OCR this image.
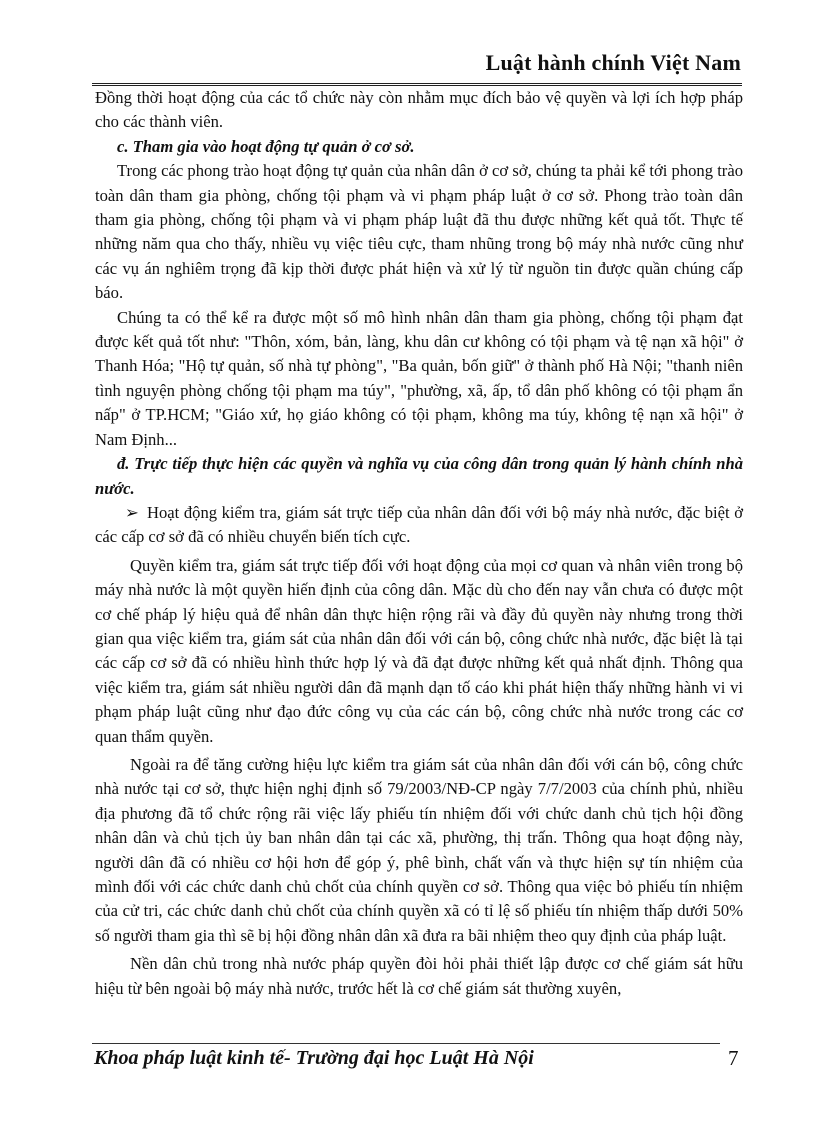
Luật hành chính Việt Nam

Đồng thời hoạt động của các tổ chức này còn nhằm mục đích bảo vệ quyền và lợi ích hợp pháp cho các thành viên.

c. Tham gia vào hoạt động tự quản ở cơ sở.

Trong các phong trào hoạt động tự quản của nhân dân ở cơ sở, chúng ta phải kể tới phong trào toàn dân tham gia phòng, chống tội phạm và vi phạm pháp luật ở cơ sở. Phong trào toàn dân tham gia phòng, chống tội phạm và vi phạm pháp luật đã thu được những kết quả tốt. Thực tế những năm qua cho thấy, nhiều vụ việc tiêu cực, tham nhũng trong bộ máy nhà nước cũng như các vụ án nghiêm trọng đã kịp thời được phát hiện và xử lý từ nguồn tin được quần chúng cấp báo.

Chúng ta có thể kể ra được một số mô hình nhân dân tham gia phòng, chống tội phạm đạt được kết quả tốt như: "Thôn, xóm, bản, làng, khu dân cư không có tội phạm và tệ nạn xã hội" ở Thanh Hóa; "Hộ tự quản, số nhà tự phòng", "Ba quản, bốn giữ" ở thành phố Hà Nội; "thanh niên tình nguyện phòng chống tội phạm ma túy", "phường, xã, ấp, tổ dân phố không có tội phạm ẩn nấp" ở TP.HCM; "Giáo xứ, họ giáo không có tội phạm, không ma túy, không tệ nạn xã hội" ở Nam Định...

đ. Trực tiếp thực hiện các quyền và nghĩa vụ của công dân trong quản lý hành chính nhà nước.

➢ Hoạt động kiểm tra, giám sát trực tiếp của nhân dân đối với bộ máy nhà nước, đặc biệt ở các cấp cơ sở đã có nhiều chuyển biến tích cực.

Quyền kiểm tra, giám sát trực tiếp đối với hoạt động của mọi cơ quan và nhân viên trong bộ máy nhà nước là một quyền hiến định của công dân. Mặc dù cho đến nay vẫn chưa có được một cơ chế pháp lý hiệu quả để nhân dân thực hiện rộng rãi và đầy đủ quyền này nhưng trong thời gian qua việc kiểm tra, giám sát của nhân dân đối với cán bộ, công chức nhà nước, đặc biệt là tại các cấp cơ sở đã có nhiều hình thức hợp lý và đã đạt được những kết quả nhất định. Thông qua việc kiểm tra, giám sát nhiều người dân đã mạnh dạn tố cáo khi phát hiện thấy những hành vi vi phạm pháp luật cũng như đạo đức công vụ của các cán bộ, công chức nhà nước trong các cơ quan thẩm quyền.

Ngoài ra để tăng cường hiệu lực kiểm tra giám sát của nhân dân đối với cán bộ, công chức nhà nước tại cơ sở, thực hiện nghị định số 79/2003/NĐ-CP ngày 7/7/2003 của chính phủ, nhiều địa phương đã tổ chức rộng rãi việc lấy phiếu tín nhiệm đối với chức danh chủ tịch hội đồng nhân dân và chủ tịch ủy ban nhân dân tại các xã, phường, thị trấn. Thông qua hoạt động này, người dân đã có nhiều cơ hội hơn để góp ý, phê bình, chất vấn và thực hiện sự tín nhiệm của mình đối với các chức danh chủ chốt của chính quyền cơ sở. Thông qua việc bỏ phiếu tín nhiệm của cử tri, các chức danh chủ chốt của chính quyền xã có tỉ lệ số phiếu tín nhiệm thấp dưới 50% số người tham gia thì sẽ bị hội đồng nhân dân xã đưa ra bãi nhiệm theo quy định của pháp luật.

Nền dân chủ trong nhà nước pháp quyền đòi hỏi phải thiết lập được cơ chế giám sát hữu hiệu từ bên ngoài bộ máy nhà nước, trước hết là cơ chế giám sát thường xuyên,

Khoa pháp luật kinh tế- Trường đại học Luật Hà Nội	7
